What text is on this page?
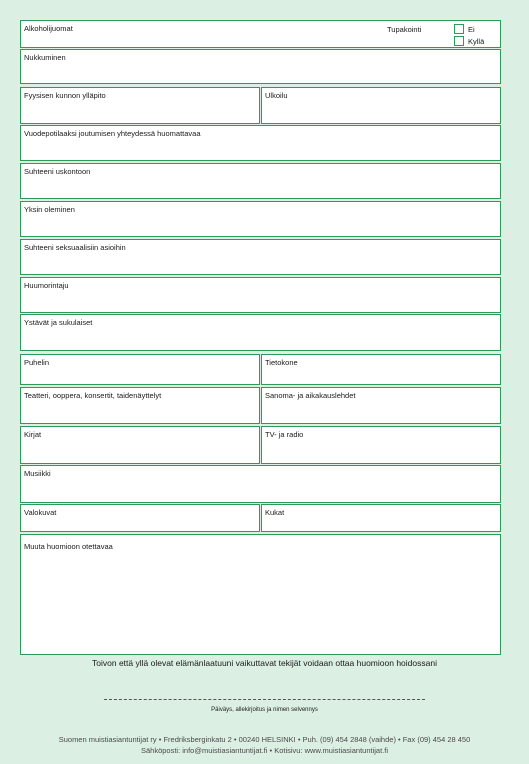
Alkoholijuomat	Tupakointi	Ei
Kyllä
Nukkuminen
Fyysisen kunnon ylläpito	Ulkoilu
Vuodepotilaaksi joutumisen yhteydessä huomattavaa
Suhteeni uskontoon
Yksin oleminen
Suhteeni seksuaalisiin asioihin
Huumorintaju
Ystävät ja sukulaiset
Puhelin	Tietokone
Teatteri, ooppera, konsertit, taidenäyttelyt	Sanoma- ja aikakauslehdet
Kirjat	TV- ja radio
Musiikki
Valokuvat	Kukat
Muuta huomioon otettavaa
Toivon että yllä olevat elämänlaatuuni vaikuttavat tekijät voidaan ottaa huomioon hoidossani
Päiväys, allekirjoitus ja nimen selvennys
Suomen muistiasiantuntijat ry • Fredriksberginkatu 2 • 00240 HELSINKI • Puh. (09) 454 2848 (vaihde) • Fax (09) 454 28 450
Sähköposti: info@muistiasiantuntijat.fi • Kotisivu: www.muistiasiantuntijat.fi
